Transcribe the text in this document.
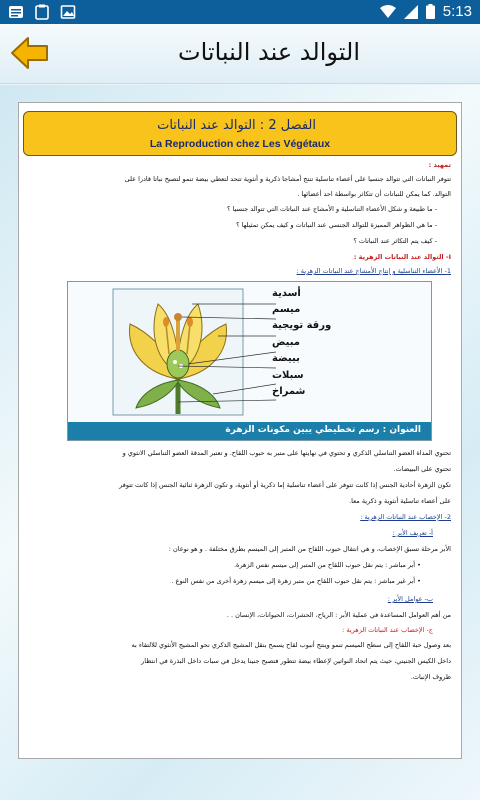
5:13
التوالد عند النباتات
الفصل 2 : التوالد عند النباتات
La Reproduction chez Les Végétaux
تمهيد :
تتوفر النباتات التي تتوالد جنسيا على أعضاء تناسلية تنتج أمشاجا ذكرية و أنثوية تتحد لتعطي بيضة تنمو لتصبح نباتا قادرا على
التوالد. كما يمكن للنباتات أن تتكاثر بواسطة احد أعضائها .
- ما طبيعة و شكل الأعضاء التناسلية و الأمشاج عند النباتات التي تتوالد جنسيا ؟
- ما هي الظواهر المميزة للتوالد الجنسي عند النباتات و كيف يمكن تمثيلها ؟
- كيف يتم التكاثر عند النباتات ؟
I- التوالد عند النباتات الزهرية :
1- الأعضاء التناسلية و إنتاج الأمشاج عند النباتات الزهرية :
أسدية
ميسم
ورقة تويجية
مبيض
بييضة
سبلات
شمراخ
العنوان : رسم تخطيطي يبين مكونات الزهرة
تحتوي المداة العضو التناسلي الذكري و تحتوي في نهايتها على متبر به حبوب اللقاح. و تعتبر المدقة العضو التناسلي الانثوي و
تحتوي على البييضات.
تكون الزهرة أحادية الجنس إذا كانت تتوفر على أعضاء تناسلية إما ذكرية أو أنثوية، و تكون الزهرة ثنائية الجنس إذا كانت تتوفر
على أعضاء تناسلية أنثوية و ذكرية معا.
2- الإخصاب عند النباتات الزهرية :
أ- تعريف الأبر :
الأبر مرحلة تسبق الإخصاب، و هي انتقال حبوب اللقاح من المتبر إلى الميسم بطرق مختلفة . و هو نوعان :
• أبر مباشر : يتم نقل حبوب اللقاح من المتبر إلى ميسم نفس الزهرة.
• أبر غير مباشر : يتم نقل حبوب اللقاح من متبر زهرة إلى ميسم زهرة أخرى من نفس النوع .
ب- عوامل الأبر :
من أهم العوامل المساعدة في عملية الأبر : الرياح، الحشرات، الحيوانات، الإنسان . .
ج- الإخصاب عند النباتات الزهرية :
بعد وصول حبة اللقاح إلى سطح الميسم تنمو وينتج أنبوب لقاح يسمح بنقل المشيج الذكري نحو المشيج الأنثوي للالتقاء به
داخل الكيس الجنيني، حيث يتم اتحاد النواتين لإعطاء بيضة تتطور فتصبح جنينا يدخل في سبات داخل البذرة في انتظار
ظروف الإنبات.
